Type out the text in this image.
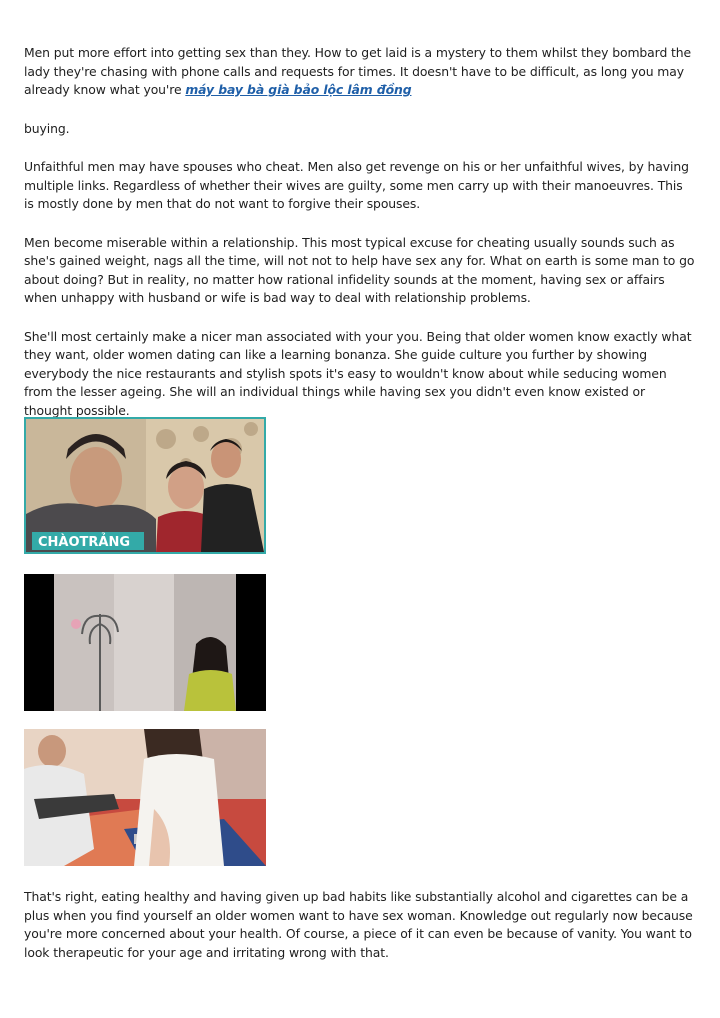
Men put more effort into getting sex than they. How to get laid is a mystery to them whilst they bombard the lady they're chasing with phone calls and requests for times. It doesn't have to be difficult, as long you may already know what you're máy bay bà già bảo lộc lâm đồng

buying.

Unfaithful men may have spouses who cheat. Men also get revenge on his or her unfaithful wives, by having multiple links. Regardless of whether their wives are guilty, some men carry up with their manoeuvres. This is mostly done by men that do not want to forgive their spouses.

Men become miserable within a relationship. This most typical excuse for cheating usually sounds such as she's gained weight, nags all the time, will not not to help have sex any for. What on earth is some man to go about doing? But in reality, no matter how rational infidelity sounds at the moment, having sex or affairs when unhappy with husband or wife is bad way to deal with relationship problems.

She'll most certainly make a nicer man associated with your you. Being that older women know exactly what they want, older women dating can like a learning bonanza. She guide culture you further by showing everybody the nice restaurants and stylish spots it's easy to wouldn't know about while seducing women from the lesser ageing. She will an individual things while having sex you didn't even know existed or thought possible.

CHÀOTRẢNG

That's right, eating healthy and having given up bad habits like substantially alcohol and cigarettes can be a plus when you find yourself an older women want to have sex woman. Knowledge out regularly now because you're more concerned about your health. Of course, a piece of it can even be because of vanity. You want to look therapeutic for your age and irritating wrong with that.
